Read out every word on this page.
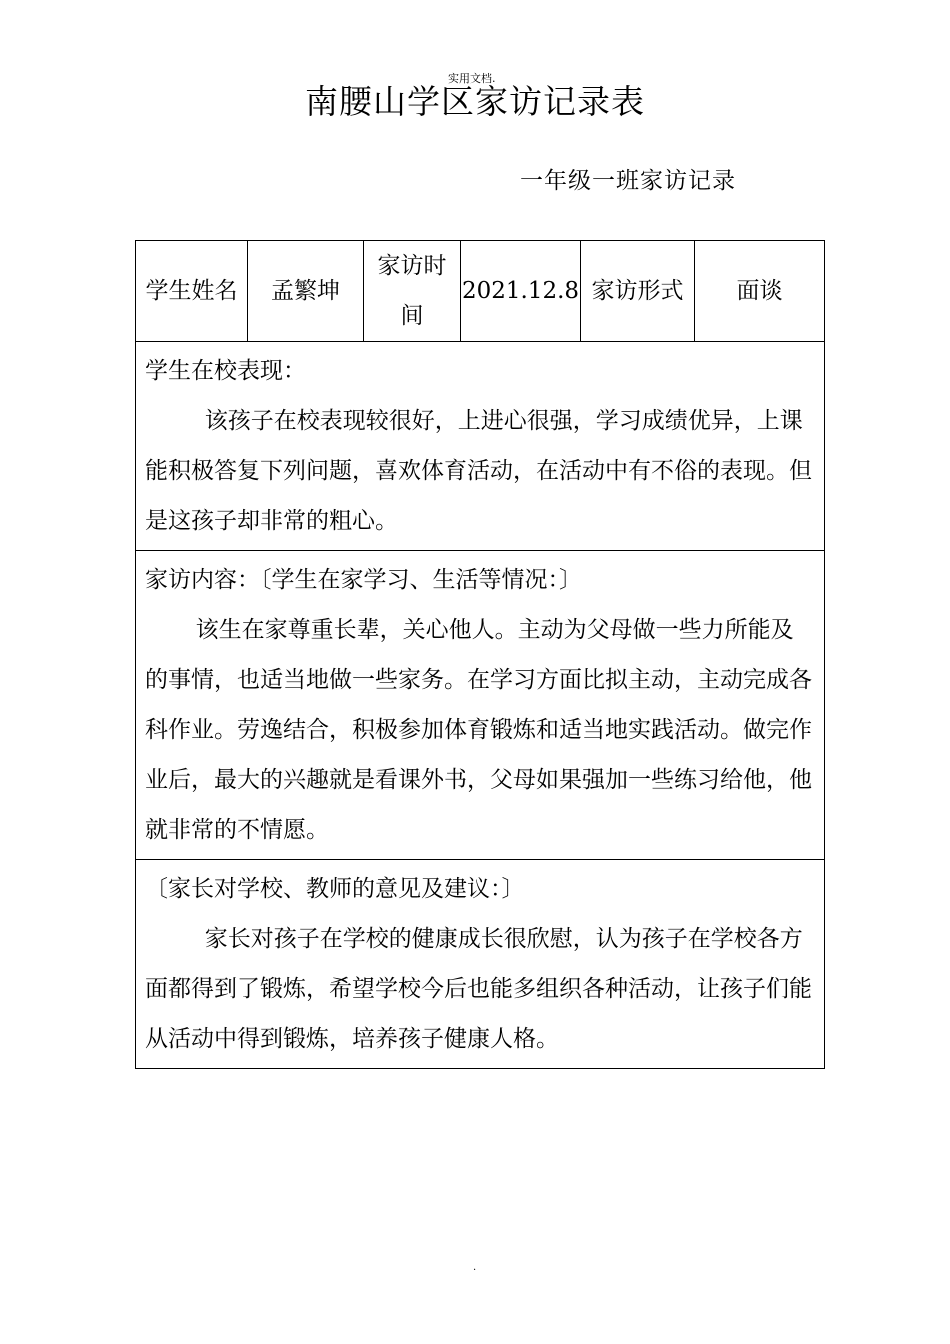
实用文档.
南腰山学区家访记录表
一年级一班家访记录
学生姓名	孟繁坤	家访时间	2021.12.8	家访形式	面谈

学生在校表现：
该孩子在校表现较很好，上进心很强，学习成绩优异，上课能积极答复下列问题，喜欢体育活动，在活动中有不俗的表现。但是这孩子却非常的粗心。

家访内容：〔学生在家学习、生活等情况：〕
该生在家尊重长辈，关心他人。主动为父母做一些力所能及的事情，也适当地做一些家务。在学习方面比拟主动，主动完成各科作业。劳逸结合，积极参加体育锻炼和适当地实践活动。做完作业后，最大的兴趣就是看课外书，父母如果强加一些练习给他，他就非常的不情愿。

〔家长对学校、教师的意见及建议：〕
家长对孩子在学校的健康成长很欣慰，认为孩子在学校各方面都得到了锻炼，希望学校今后也能多组织各种活动，让孩子们能从活动中得到锻炼，培养孩子健康人格。
.
